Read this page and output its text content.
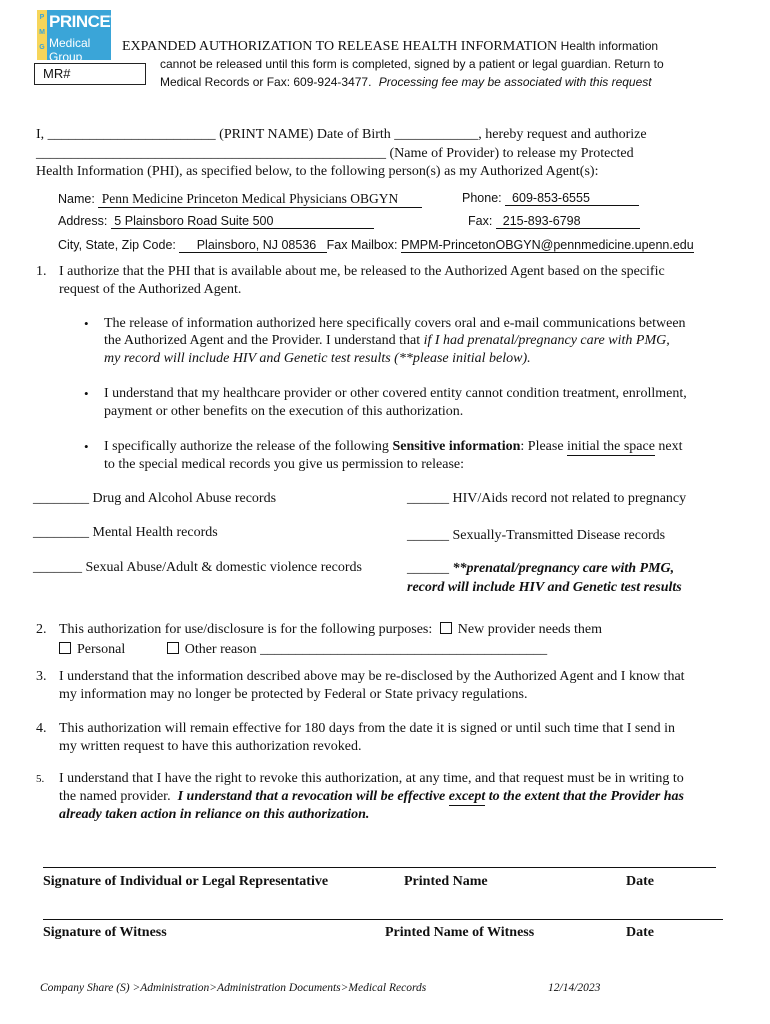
P
M
G
PRINCETON
Medical Group
EXPANDED AUTHORIZATION TO RELEASE HEALTH INFORMATION Health information
cannot be released until this form is completed, signed by a patient or legal guardian. Return to
Medical Records or Fax: 609-924-3477. Processing fee may be associated with this request
MR#
I, ________________________ (PRINT NAME) Date of Birth ____________, hereby request and authorize
__________________________________________________ (Name of Provider) to release my Protected
Health Information (PHI), as specified below, to the following person(s) as my Authorized Agent(s):
Name:  Penn Medicine Princeton Medical Physicians OBGYN	Phone:   609-853-6555
Address:  5 Plainsboro Road Suite 500	Fax:   215-893-6798
City, State, Zip Code:      Plainsboro, NJ 08536   Fax Mailbox: PMPM-PrincetonOBGYN@pennmedicine.upenn.edu
1. I authorize that the PHI that is available about me, be released to the Authorized Agent based on the specific
request of the Authorized Agent.
• The release of information authorized here specifically covers oral and e-mail communications between
the Authorized Agent and the Provider. I understand that if I had prenatal/pregnancy care with PMG,
my record will include HIV and Genetic test results (**please initial below).
• I understand that my healthcare provider or other covered entity cannot condition treatment, enrollment,
payment or other benefits on the execution of this authorization.
• I specifically authorize the release of the following Sensitive information: Please initial the space next
to the special medical records you give us permission to release:
________ Drug and Alcohol Abuse records	______ HIV/Aids record not related to pregnancy
________ Mental Health records	______ Sexually-Transmitted Disease records
_______ Sexual Abuse/Adult & domestic violence records	______ **prenatal/pregnancy care with PMG,
record will include HIV and Genetic test results
2. This authorization for use/disclosure is for the following purposes: New provider needs them
Personal	Other reason _________________________________________
3. I understand that the information described above may be re-disclosed by the Authorized Agent and I know that
my information may no longer be protected by Federal or State privacy regulations.
4. This authorization will remain effective for 180 days from the date it is signed or until such time that I send in
my written request to have this authorization revoked.
5. I understand that I have the right to revoke this authorization, at any time, and that request must be in writing to
the named provider.  I understand that a revocation will be effective except to the extent that the Provider has
already taken action in reliance on this authorization.
Signature of Individual or Legal Representative	Printed Name	Date
Signature of Witness	Printed Name of Witness	Date
Company Share (S) >Administration>Administration Documents>Medical Records	12/14/2023
